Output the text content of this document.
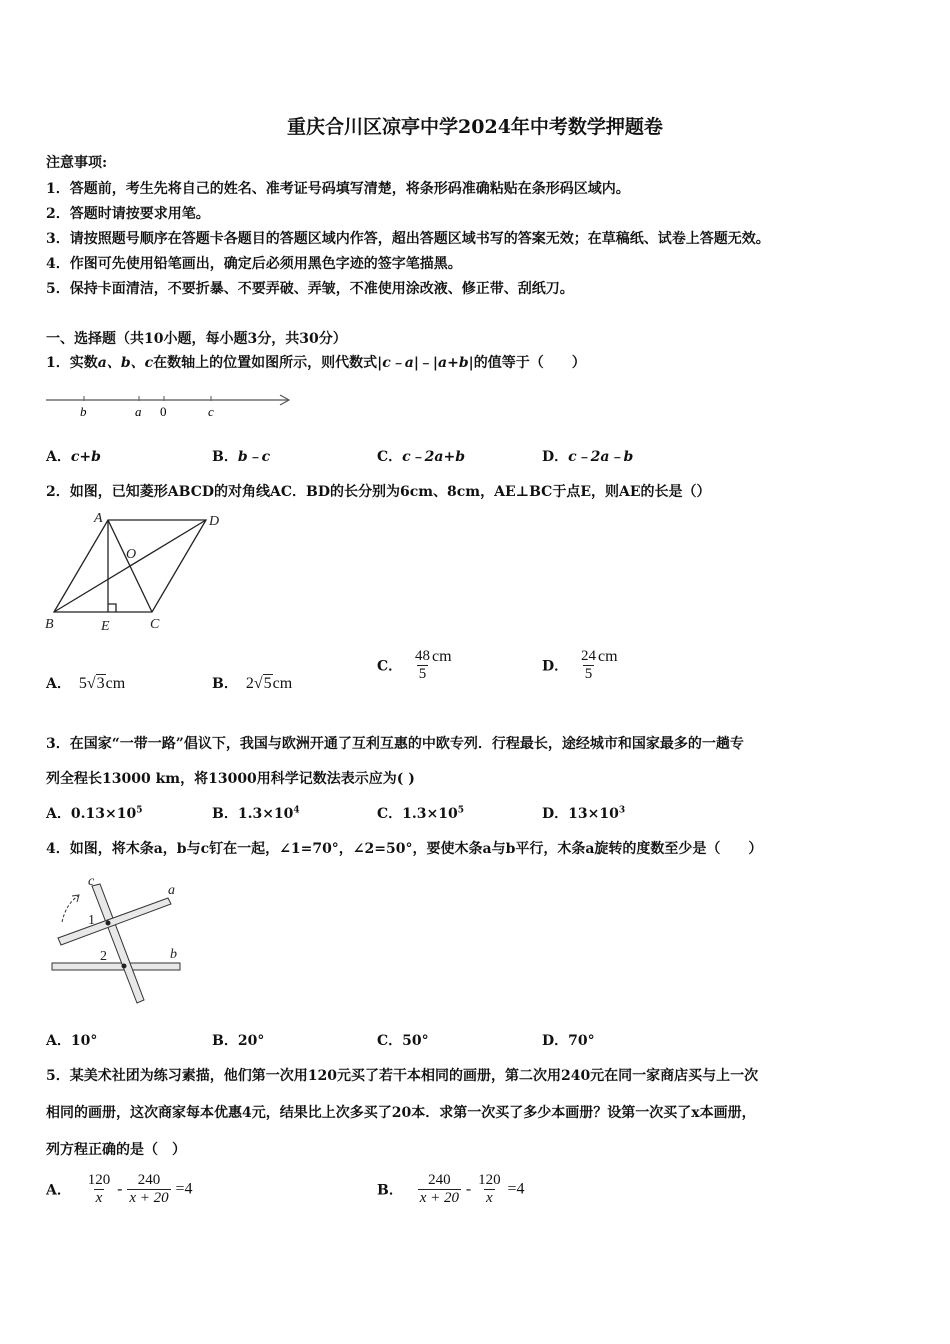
重庆合川区凉亭中学2024年中考数学押题卷
注意事项:
1．答题前，考生先将自己的姓名、准考证号码填写清楚，将条形码准确粘贴在条形码区域内。
2．答题时请按要求用笔。
3．请按照题号顺序在答题卡各题目的答题区域内作答，超出答题区域书写的答案无效；在草稿纸、试卷上答题无效。
4．作图可先使用铅笔画出，确定后必须用黑色字迹的签字笔描黑。
5．保持卡面清洁，不要折暴、不要弄破、弄皱，不准使用涂改液、修正带、刮纸刀。
一、选择题（共10小题，每小题3分，共30分）
1．实数a、b、c在数轴上的位置如图所示，则代数式|c﹣a|﹣|a+b|的值等于（　　）
b	a 0	c
A．c+b	B．b﹣c	C．c﹣2a+b	D．c﹣2a﹣b
2．如图，已知菱形ABCD的对角线AC．BD的长分别为6cm、8cm，AE⊥BC于点E，则AE的长是（）
A	D
O
B	E	C
A． 5√3cm	B． 2√5cm
C． $\frac{48}{5}$ cm
D． $\frac{24}{5}$ cm
3．在国家“一带一路”倡议下，我国与欧洲开通了互利互惠的中欧专列．行程最长，途经城市和国家最多的一趟专
列全程长13000 km，将13000用科学记数法表示应为( )
A．$0.13\times 10^5$	B．$1.3\times 10^4$	C．$1.3\times 10^5$	D．$13\times 10^3$
4．如图，将木条a，b与c钉在一起，∠1=70°，∠2=50°，要使木条a与b平行，木条a旋转的度数至少是（　　）
c
a
1
2	b
A．10°	B．20°	C．50°	D．70°
5．某美术社团为练习素描，他们第一次用120元买了若干本相同的画册，第二次用240元在同一家商店买与上一次
相同的画册，这次商家每本优惠4元，结果比上次多买了20本．求第一次买了多少本画册？设第一次买了x本画册，
列方程正确的是（　）
A． $\frac{120}{x} - \frac{240}{x + 20} =4$	B． $\frac{240}{x + 20} - \frac{120}{x} =4$
